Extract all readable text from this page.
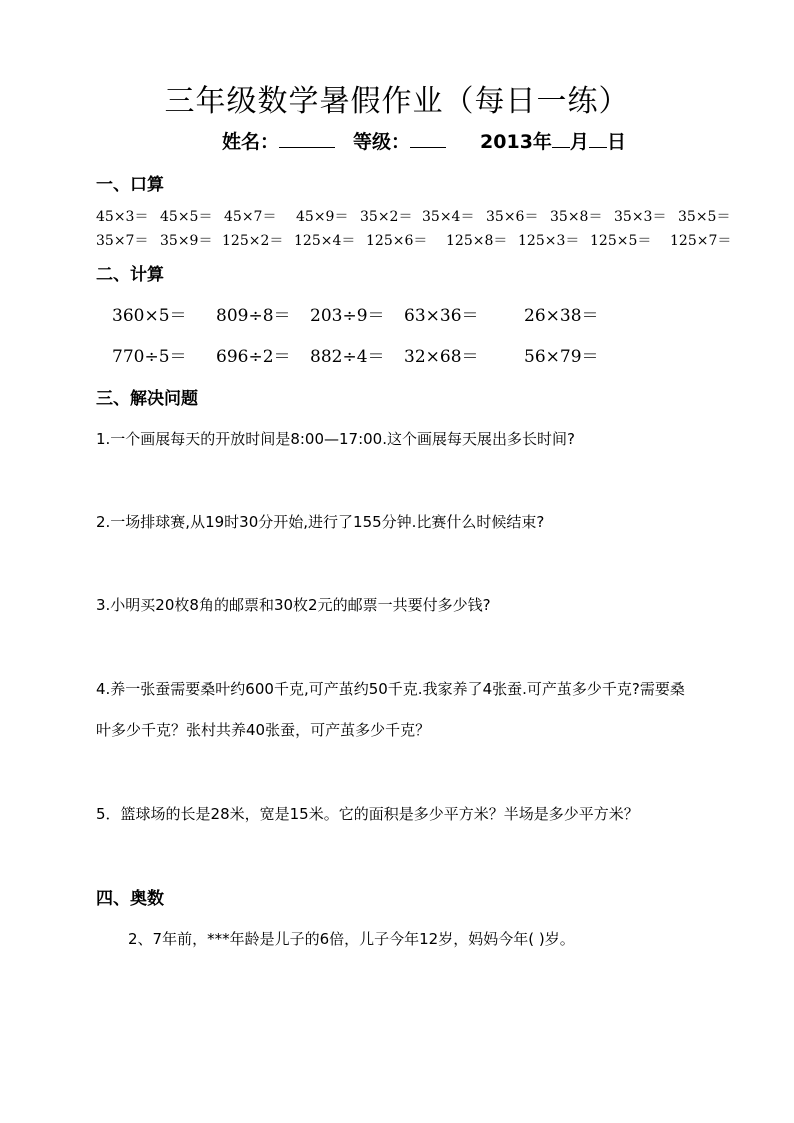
三年级数学暑假作业（每日一练）
姓名：	等级：	2013年 月 日
一、口算
45×3＝ 45×5＝ 45×7＝ 45×9＝ 35×2＝ 35×4＝ 35×6＝ 35×8＝ 35×3＝ 35×5＝
35×7＝ 35×9＝ 125×2＝ 125×4＝ 125×6＝ 125×8＝ 125×3＝ 125×5＝ 125×7＝
二、计算
360×5＝ 809÷8＝ 203÷9＝ 63×36＝	26×38＝
770÷5＝ 696÷2＝ 882÷4＝ 32×68＝	56×79＝
三、解决问题
1.一个画展每天的开放时间是8:00—17:00.这个画展每天展出多长时间?
2.一场排球赛,从19时30分开始,进行了155分钟.比赛什么时候结束?
3.小明买20枚8角的邮票和30枚2元的邮票一共要付多少钱?
4.养一张蚕需要桑叶约600千克,可产茧约50千克.我家养了4张蚕.可产茧多少千克?需要桑
叶多少千克？张村共养40张蚕，可产茧多少千克？
5．篮球场的长是28米，宽是15米。它的面积是多少平方米？半场是多少平方米？
四、奥数
2、7年前，***年龄是儿子的6倍，儿子今年12岁，妈妈今年( )岁。
